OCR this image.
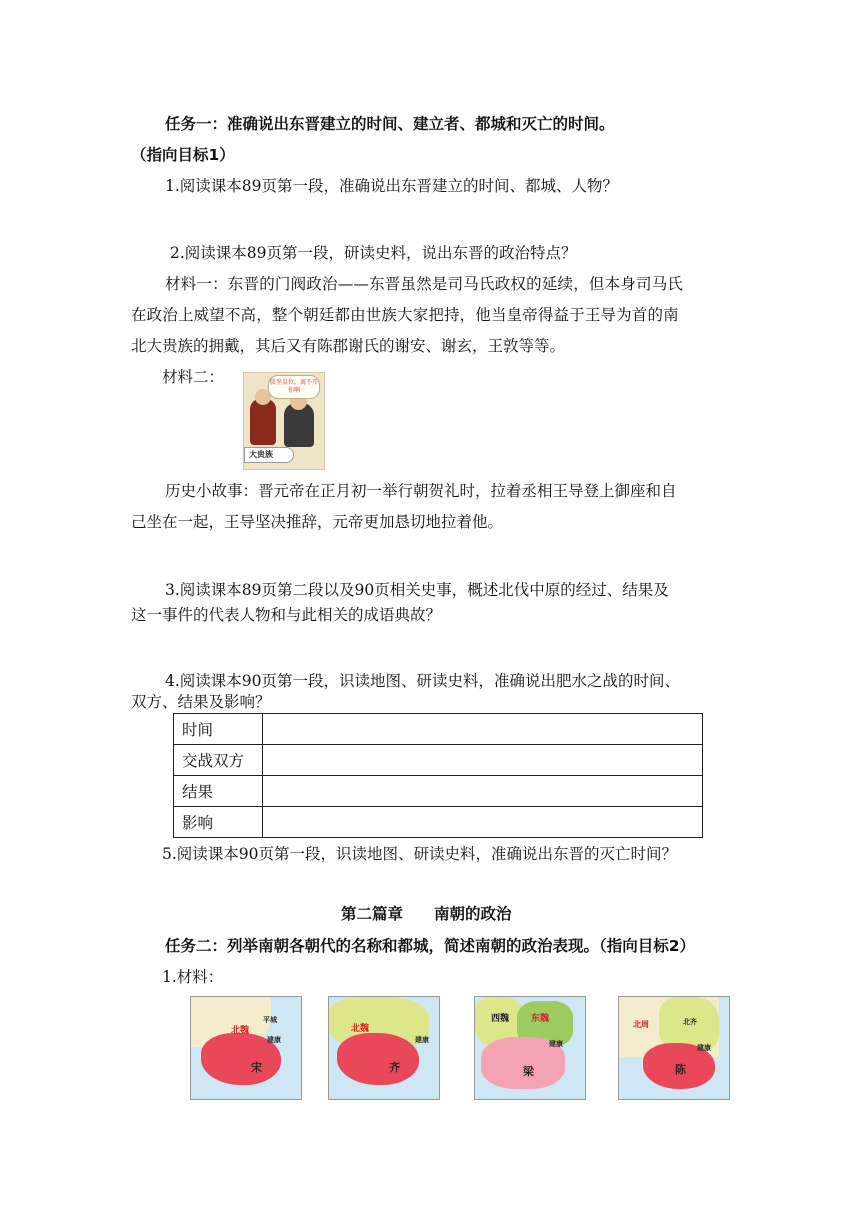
任务一：准确说出东晋建立的时间、建立者、都城和灭亡的时间。
（指向目标1）
1.阅读课本89页第一段，准确说出东晋建立的时间、都城、人物？
2.阅读课本89页第一段，研读史料，说出东晋的政治特点？
材料一：东晋的门阀政治——东晋虽然是司马氏政权的延续，但本身司马氏
在政治上威望不高，整个朝廷都由世族大家把持，他当皇帝得益于王导为首的南
北大贵族的拥戴，其后又有陈郡谢氏的谢安、谢玄，王敦等等。
材料二：	朕坐皇位，离不开你啊
大贵族
历史小故事：晋元帝在正月初一举行朝贺礼时，拉着丞相王导登上御座和自
己坐在一起，王导坚决推辞，元帝更加恳切地拉着他。
3.阅读课本89页第二段以及90页相关史事，概述北伐中原的经过、结果及
这一事件的代表人物和与此相关的成语典故？
4.阅读课本90页第一段，识读地图、研读史料，准确说出肥水之战的时间、
双方、结果及影响？
时间	
交战双方	
结果	
影响	
5.阅读课本90页第一段，识读地图、研读史料，准确说出东晋的灭亡时间？
第二篇章　　南朝的政治
任务二：列举南朝各朝代的名称和都城，简述南朝的政治表现。（指向目标2）
1.材料：
北魏
平城
建康
宋
北魏
建康
齐
西魏 东魏
建康
梁
北周	北齐
建康
陈
